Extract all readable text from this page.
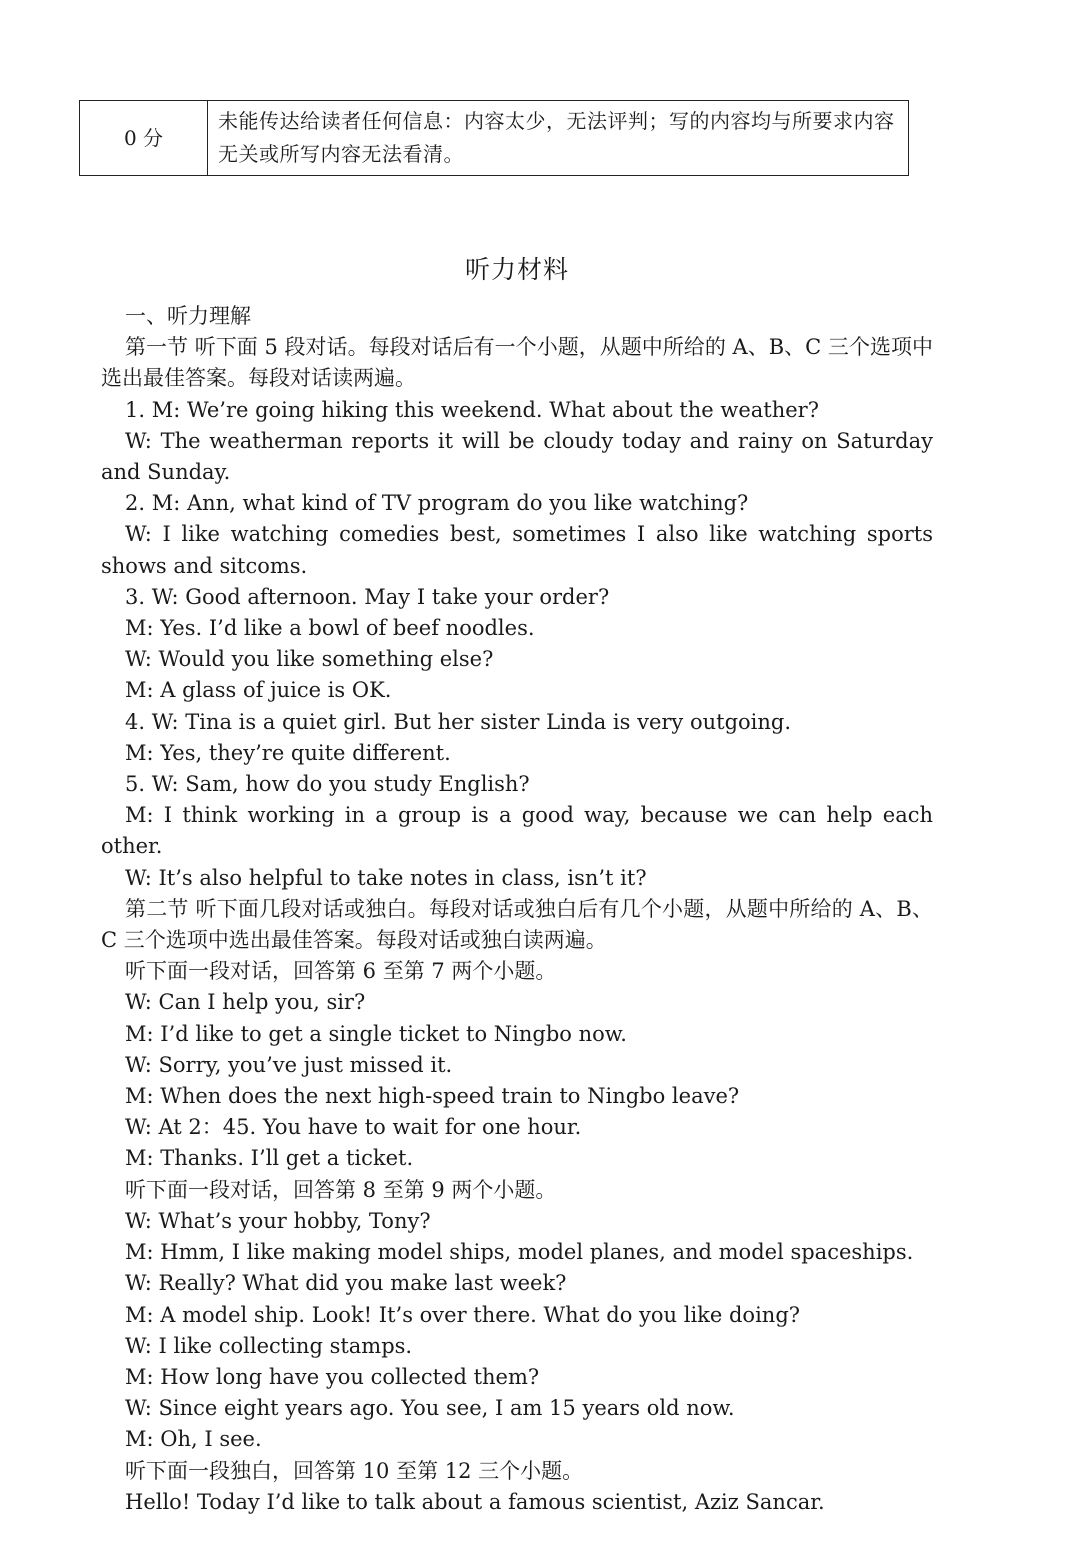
0 分	未能传达给读者任何信息：内容太少，无法评判；写的内容均与所要求内容无关或所写内容无法看清。
听力材料

一、听力理解

第一节 听下面 5 段对话。每段对话后有一个小题，从题中所给的 A、B、C 三个选项中选出最佳答案。每段对话读两遍。

1. M: We’re going hiking this weekend. What about the weather?

W: The weatherman reports it will be cloudy today and rainy on Saturday and Sunday.

2. M: Ann, what kind of TV program do you like watching?

W: I like watching comedies best, sometimes I also like watching sports shows and sitcoms.

3. W: Good afternoon. May I take your order?

M: Yes. I’d like a bowl of beef noodles.

W: Would you like something else?

M: A glass of juice is OK.

4. W: Tina is a quiet girl. But her sister Linda is very outgoing.

M: Yes, they’re quite different.

5. W: Sam, how do you study English?

M: I think working in a group is a good way, because we can help each other.

W: It’s also helpful to take notes in class, isn’t it?

第二节 听下面几段对话或独白。每段对话或独白后有几个小题，从题中所给的 A、B、C 三个选项中选出最佳答案。每段对话或独白读两遍。

听下面一段对话，回答第 6 至第 7 两个小题。

W: Can I help you, sir?

M: I’d like to get a single ticket to Ningbo now.

W: Sorry, you’ve just missed it.

M: When does the next high-speed train to Ningbo leave?

W: At 2：45. You have to wait for one hour.

M: Thanks. I’ll get a ticket.

听下面一段对话，回答第 8 至第 9 两个小题。

W: What’s your hobby, Tony?

M: Hmm, I like making model ships, model planes, and model spaceships.

W: Really? What did you make last week?

M: A model ship. Look! It’s over there. What do you like doing?

W: I like collecting stamps.

M: How long have you collected them?

W: Since eight years ago. You see, I am 15 years old now.

M: Oh, I see.

听下面一段独白，回答第 10 至第 12 三个小题。

Hello! Today I’d like to talk about a famous scientist, Aziz Sancar.
